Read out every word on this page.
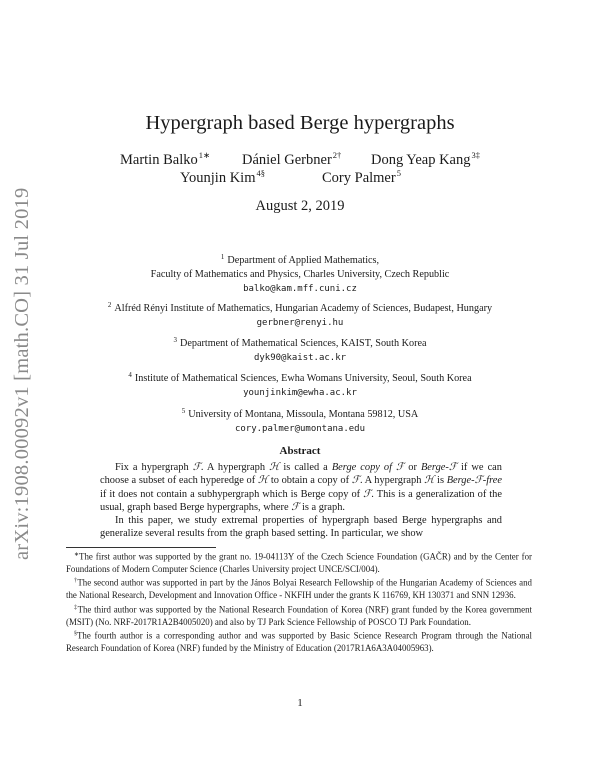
arXiv:1908.00092v1 [math.CO] 31 Jul 2019
Hypergraph based Berge hypergraphs
Martin Balko$^{1∗}$ Dániel Gerbner$^{2\dagger}$ Dong Yeap Kang$^{3\ddagger}$
Younjin Kim$^{4\S}$	Cory Palmer$^5$
August 2, 2019
$^1$ Department of Applied Mathematics,
Faculty of Mathematics and Physics, Charles University, Czech Republic
balko@kam.mff.cuni.cz
$^2$ Alfréd Rényi Institute of Mathematics, Hungarian Academy of Sciences, Budapest, Hungary
gerbner@renyi.hu
$^3$ Department of Mathematical Sciences, KAIST, South Korea
dyk90@kaist.ac.kr
$^4$ Institute of Mathematical Sciences, Ewha Womans University, Seoul, South Korea
younjinkim@ewha.ac.kr
$^5$ University of Montana, Missoula, Montana 59812, USA
cory.palmer@umontana.edu
Abstract

Fix a hypergraph ℱ. A hypergraph ℋ is called a Berge copy of ℱ or Berge-ℱ if we can choose a subset of each hyperedge of ℋ to obtain a copy of ℱ. A hypergraph ℋ is Berge-ℱ-free if it does not contain a subhypergraph which is Berge copy of ℱ. This is a generalization of the usual, graph based Berge hypergraphs, where ℱ is a graph.

In this paper, we study extremal properties of hypergraph based Berge hypergraphs and generalize several results from the graph based setting. In particular, we show

∗The first author was supported by the grant no. 19-04113Y of the Czech Science Foundation (GAČR) and by the Center for Foundations of Modern Computer Science (Charles University project UNCE/SCI/004).

†The second author was supported in part by the János Bolyai Research Fellowship of the Hungarian Academy of Sciences and the National Research, Development and Innovation Office - NKFIH under the grants K 116769, KH 130371 and SNN 12936.

‡The third author was supported by the National Research Foundation of Korea (NRF) grant funded by the Korea government (MSIT) (No. NRF-2017R1A2B4005020) and also by TJ Park Science Fellowship of POSCO TJ Park Foundation.

§The fourth author is a corresponding author and was supported by Basic Science Research Program through the National Research Foundation of Korea (NRF) funded by the Ministry of Education (2017R1A6A3A04005963).

1
